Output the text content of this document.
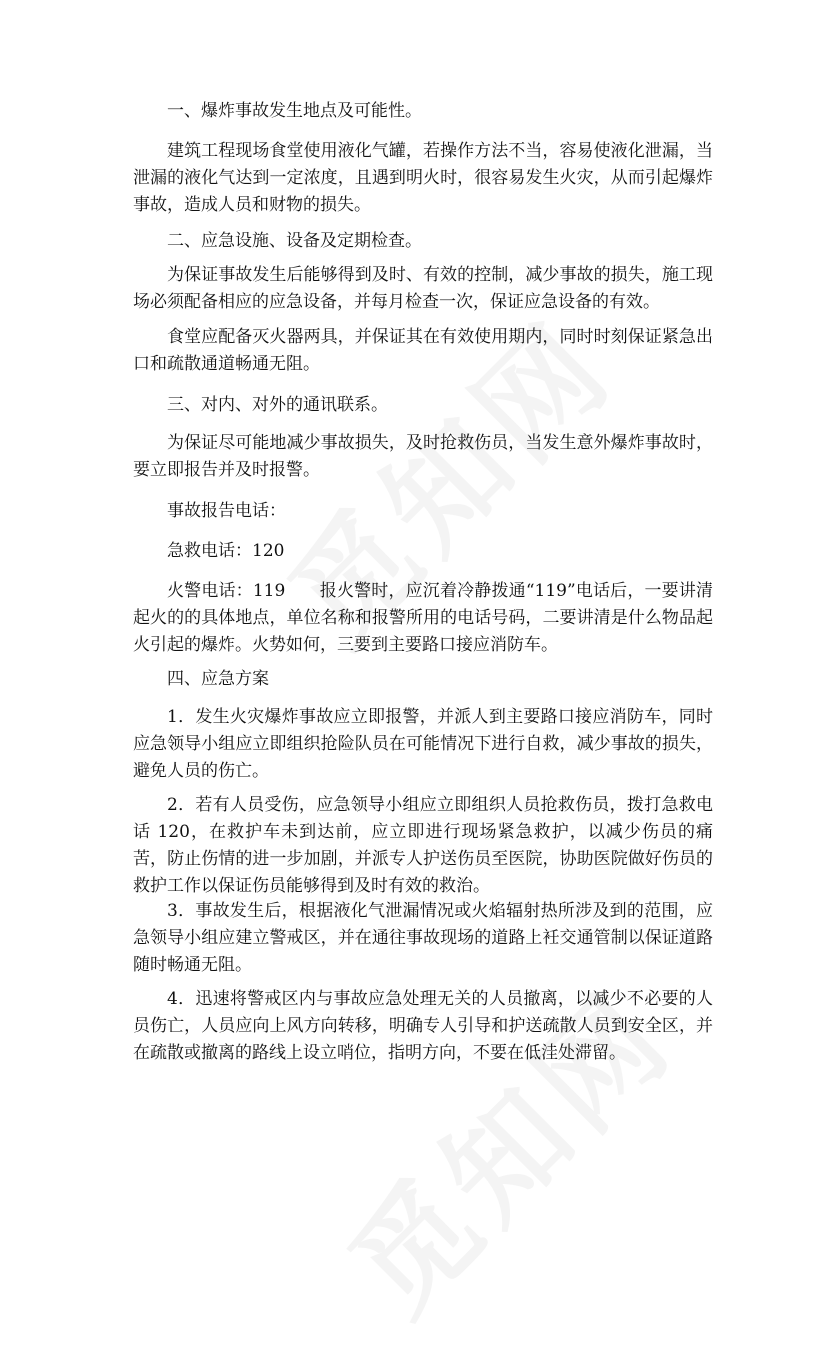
一、爆炸事故发生地点及可能性。

建筑工程现场食堂使用液化气罐，若操作方法不当，容易使液化泄漏，当泄漏的液化气达到一定浓度，且遇到明火时，很容易发生火灾，从而引起爆炸事故，造成人员和财物的损失。

二、应急设施、设备及定期检查。

为保证事故发生后能够得到及时、有效的控制，减少事故的损失，施工现场必须配备相应的应急设备，并每月检查一次，保证应急设备的有效。

食堂应配备灭火器两具，并保证其在有效使用期内，同时时刻保证紧急出口和疏散通道畅通无阻。

三、对内、对外的通讯联系。

为保证尽可能地减少事故损失，及时抢救伤员，当发生意外爆炸事故时，要立即报告并及时报警。

事故报告电话：

急救电话：120

火警电话：119　　报火警时，应沉着冷静拨通“119”电话后，一要讲清起火的的具体地点，单位名称和报警所用的电话号码，二要讲清是什么物品起火引起的爆炸。火势如何，三要到主要路口接应消防车。

四、应急方案

1．发生火灾爆炸事故应立即报警，并派人到主要路口接应消防车，同时应急领导小组应立即组织抢险队员在可能情况下进行自救，减少事故的损失，避免人员的伤亡。

2．若有人员受伤，应急领导小组应立即组织人员抢救伤员，拨打急救电话 120，在救护车未到达前，应立即进行现场紧急救护，以减少伤员的痛苦，防止伤情的进一步加剧，并派专人护送伤员至医院，协助医院做好伤员的救护工作以保证伤员能够得到及时有效的救治。

3．事故发生后，根据液化气泄漏情况或火焰辐射热所涉及到的范围，应急领导小组应建立警戒区，并在通往事故现场的道路上衽交通管制以保证道路随时畅通无阻。

4．迅速将警戒区内与事故应急处理无关的人员撤离，以减少不必要的人员伤亡，人员应向上风方向转移，明确专人引导和护送疏散人员到安全区，并在疏散或撤离的路线上设立哨位，指明方向，不要在低洼处滞留。
